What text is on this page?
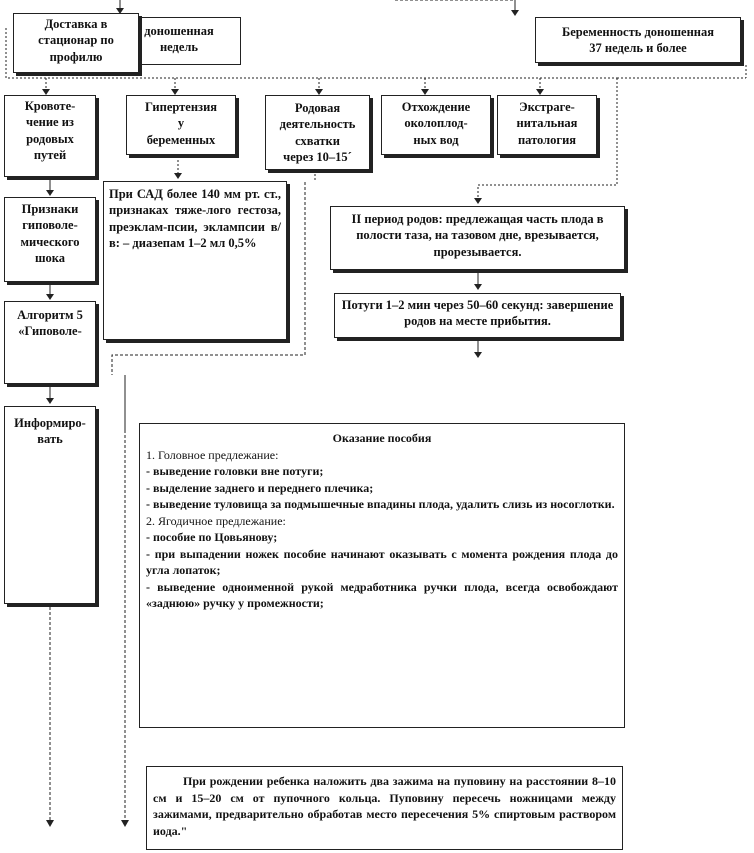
доношенная
недель
Доставка в
стационар по
профилю
Беременность доношенная
37 недель и более
Кровоте-
чение из
родовых
путей
Гипертензия
у
беременных
Родовая
деятельность
схватки
через 10–15´
Отхождение
околоплод-
ных вод
Экстраге-
нитальная
патология
Признаки
гиповоле-
мического
шока
При САД более 140 мм рт. ст., признаках тяже-лого гестоза, преэклам-псии, эклампсии в/в: – диазепам 1–2 мл 0,5%
Алгоритм 5
«Гиповоле-
Информиро-
вать
II период родов: предлежащая часть плода в полости таза, на тазовом дне, врезывается, прорезывается.
Потуги 1–2 мин через 50–60 секунд: завершение родов на месте прибытия.
Оказание пособия
1. Головное предлежание:
- выведение головки вне потуги;
- выделение заднего и переднего плечика;
- выведение туловища за подмышечные впадины плода, удалить слизь из носоглотки.
2. Ягодичное предлежание:
- пособие по Цовьянову;
- при выпадении ножек пособие начинают оказывать с момента рождения плода до угла лопаток;
- выведение одноименной рукой медработника ручки плода, всегда освобождают «заднюю» ручку у промежности;
При рождении ребенка наложить два зажима на пуповину на расстоянии 8–10 см и 15–20 см от пупочного кольца. Пуповину пересечь ножницами между зажимами, предварительно обработав место пересечения 5% спиртовым раствором иода."
